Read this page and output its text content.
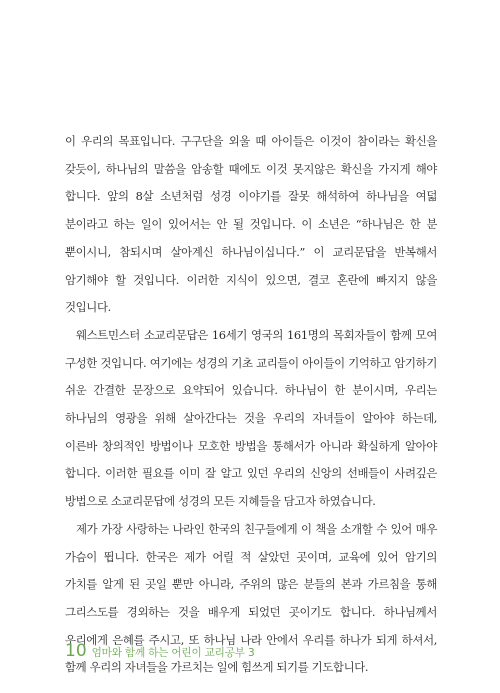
이 우리의 목표입니다. 구구단을 외울 때 아이들은 이것이 참이라는 확신을 갖듯이, 하나님의 말씀을 암송할 때에도 이것 못지않은 확신을 가지게 해야 합니다. 앞의 8살 소년처럼 성경 이야기를 잘못 해석하여 하나님을 여덟 분이라고 하는 일이 있어서는 안 될 것입니다. 이 소년은 “하나님은 한 분 뿐이시니, 참되시며 살아계신 하나님이십니다.” 이 교리문답을 반복해서 암기해야 할 것입니다. 이러한 지식이 있으면, 결코 혼란에 빠지지 않을 것입니다.

웨스트민스터 소교리문답은 16세기 영국의 161명의 목회자들이 함께 모여 구성한 것입니다. 여기에는 성경의 기초 교리들이 아이들이 기억하고 암기하기 쉬운 간결한 문장으로 요약되어 있습니다. 하나님이 한 분이시며, 우리는 하나님의 영광을 위해 살아간다는 것을 우리의 자녀들이 알아야 하는데, 이른바 창의적인 방법이나 모호한 방법을 통해서가 아니라 확실하게 알아야 합니다. 이러한 필요를 이미 잘 알고 있던 우리의 신앙의 선배들이 사려깊은 방법으로 소교리문답에 성경의 모든 지혜들을 담고자 하였습니다.

제가 가장 사랑하는 나라인 한국의 친구들에게 이 책을 소개할 수 있어 매우 가슴이 뜁니다. 한국은 제가 어릴 적 살았던 곳이며, 교육에 있어 암기의 가치를 알게 된 곳일 뿐만 아니라, 주위의 많은 분들의 본과 가르침을 통해 그리스도를 경외하는 것을 배우게 되었던 곳이기도 합니다. 하나님께서 우리에게 은혜를 주시고, 또 하나님 나라 안에서 우리를 하나가 되게 하셔서, 함께 우리의 자녀들을 가르치는 일에 힘쓰게 되기를 기도합니다.

10 엄마와 함께 하는 어린이 교리공부 3
